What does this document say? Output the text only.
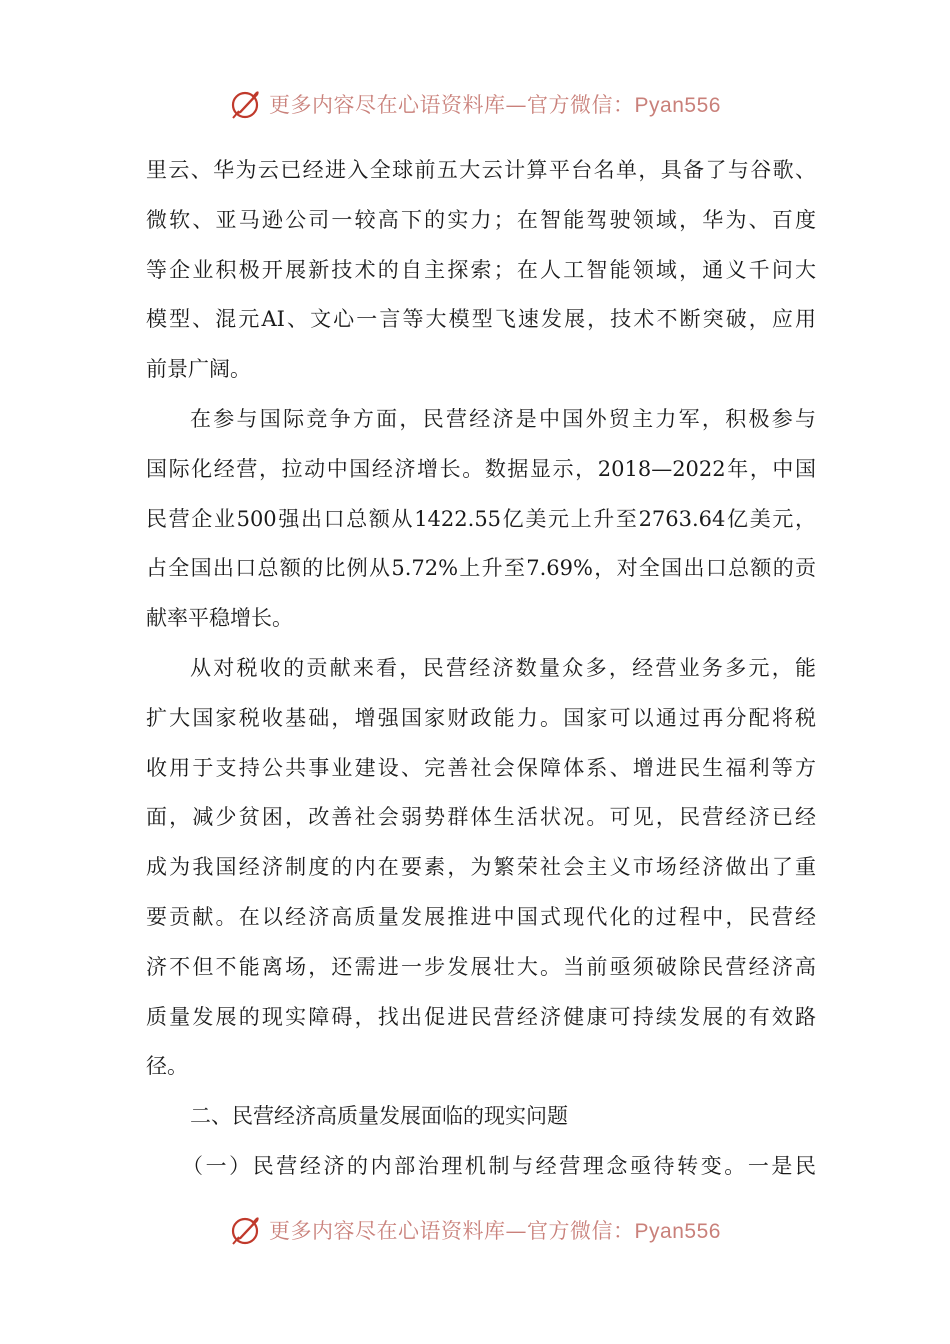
更多内容尽在心语资料库—官方微信：Pyan556
里云、华为云已经进入全球前五大云计算平台名单，具备了与谷歌、
微软、亚马逊公司一较高下的实力；在智能驾驶领域，华为、百度
等企业积极开展新技术的自主探索；在人工智能领域，通义千问大
模型、混元AI、文心一言等大模型飞速发展，技术不断突破，应用
前景广阔。
在参与国际竞争方面，民营经济是中国外贸主力军，积极参与
国际化经营，拉动中国经济增长。数据显示，2018—2022年，中国
民营企业500强出口总额从1422.55亿美元上升至2763.64亿美元，
占全国出口总额的比例从5.72%上升至7.69%，对全国出口总额的贡
献率平稳增长。
从对税收的贡献来看，民营经济数量众多，经营业务多元，能
扩大国家税收基础，增强国家财政能力。国家可以通过再分配将税
收用于支持公共事业建设、完善社会保障体系、增进民生福利等方
面，减少贫困，改善社会弱势群体生活状况。可见，民营经济已经
成为我国经济制度的内在要素，为繁荣社会主义市场经济做出了重
要贡献。在以经济高质量发展推进中国式现代化的过程中，民营经
济不但不能离场，还需进一步发展壮大。当前亟须破除民营经济高
质量发展的现实障碍，找出促进民营经济健康可持续发展的有效路
径。
二、民营经济高质量发展面临的现实问题
（一）民营经济的内部治理机制与经营理念亟待转变。一是民
更多内容尽在心语资料库—官方微信：Pyan556
